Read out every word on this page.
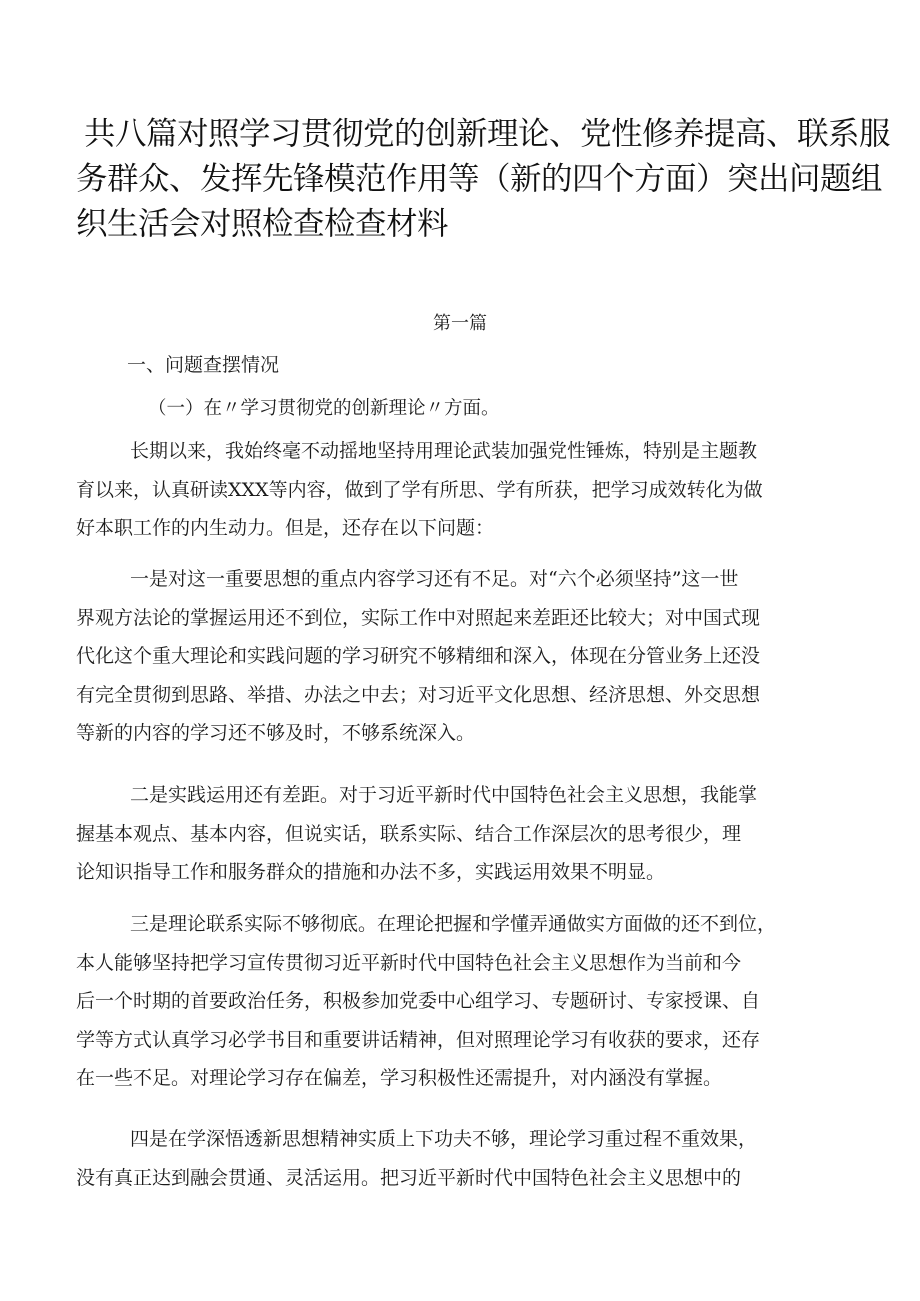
共八篇对照学习贯彻党的创新理论、党性修养提高、联系服
务群众、发挥先锋模范作用等（新的四个方面）突出问题组
织生活会对照检查检查材料
第一篇
一、问题查摆情况
（一）在〃学习贯彻党的创新理论〃方面。

长期以来，我始终毫不动摇地坚持用理论武装加强党性锤炼，特别是主题教
育以来，认真研读XXX等内容，做到了学有所思、学有所获，把学习成效转化为做
好本职工作的内生动力。但是，还存在以下问题：

一是对这一重要思想的重点内容学习还有不足。对“六个必须坚持”这一世
界观方法论的掌握运用还不到位，实际工作中对照起来差距还比较大；对中国式现
代化这个重大理论和实践问题的学习研究不够精细和深入，体现在分管业务上还没
有完全贯彻到思路、举措、办法之中去；对习近平文化思想、经济思想、外交思想
等新的内容的学习还不够及时，不够系统深入。

二是实践运用还有差距。对于习近平新时代中国特色社会主义思想，我能掌
握基本观点、基本内容，但说实话，联系实际、结合工作深层次的思考很少，理
论知识指导工作和服务群众的措施和办法不多，实践运用效果不明显。

三是理论联系实际不够彻底。在理论把握和学懂弄通做实方面做的还不到位，
本人能够坚持把学习宣传贯彻习近平新时代中国特色社会主义思想作为当前和今
后一个时期的首要政治任务，积极参加党委中心组学习、专题研讨、专家授课、自
学等方式认真学习必学书目和重要讲话精神，但对照理论学习有收获的要求，还存
在一些不足。对理论学习存在偏差，学习积极性还需提升，对内涵没有掌握。

四是在学深悟透新思想精神实质上下功夫不够，理论学习重过程不重效果，
没有真正达到融会贯通、灵活运用。把习近平新时代中国特色社会主义思想中的
